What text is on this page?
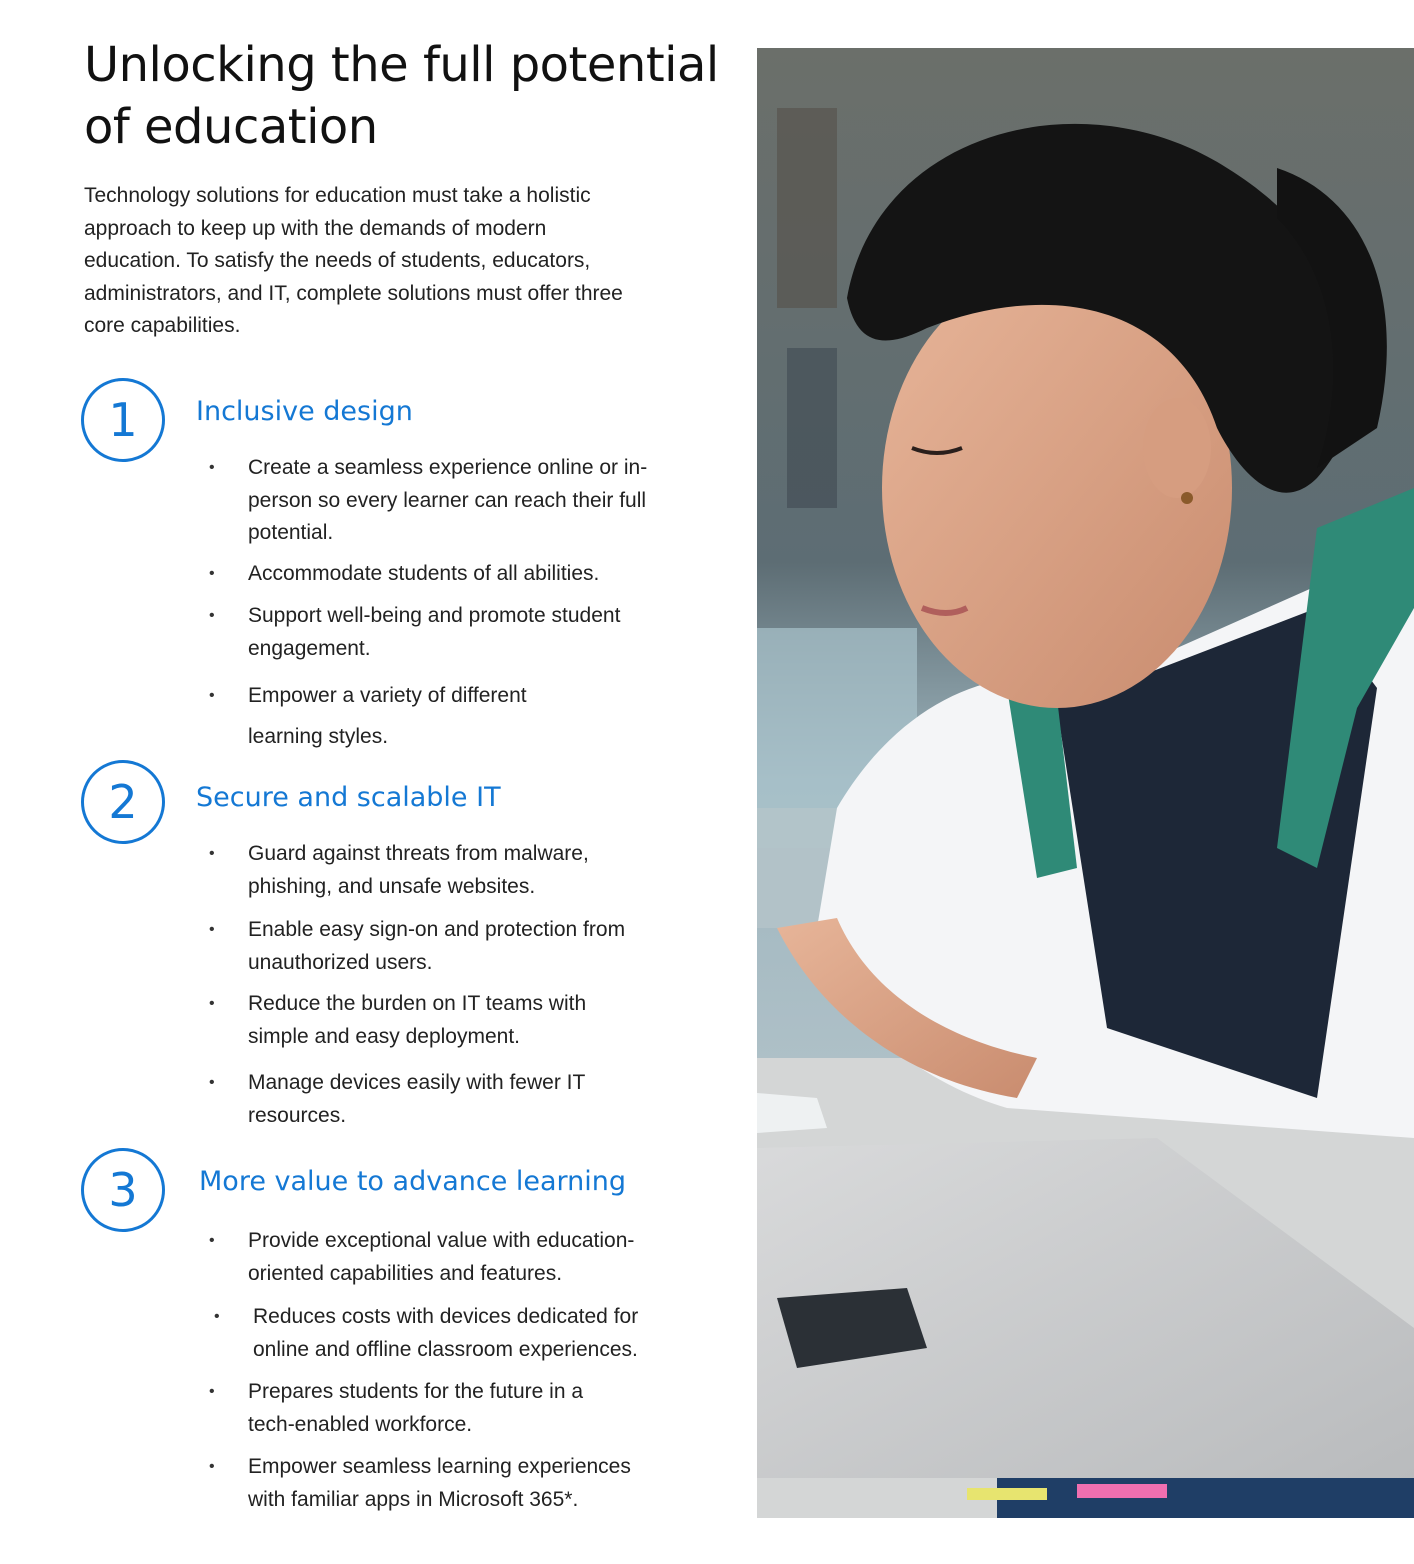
Unlocking the full potential of education

Technology solutions for education must take a holistic approach to keep up with the demands of modern education. To satisfy the needs of students, educators, administrators, and IT, complete solutions must offer three core capabilities.

1	Inclusive design
• Create a seamless experience online or in-person so every learner can reach their full potential.
• Accommodate students of all abilities.
• Support well-being and promote student engagement.
• Empower a variety of different learning styles.
2	Secure and scalable IT
• Guard against threats from malware, phishing, and unsafe websites.
• Enable easy sign-on and protection from unauthorized users.
• Reduce the burden on IT teams with simple and easy deployment.
• Manage devices easily with fewer IT resources.
3	More value to advance learning
• Provide exceptional value with education-oriented capabilities and features.
• Reduces costs with devices dedicated for online and offline classroom experiences.
• Prepares students for the future in a tech-enabled workforce.
• Empower seamless learning experiences with familiar apps in Microsoft 365*.
